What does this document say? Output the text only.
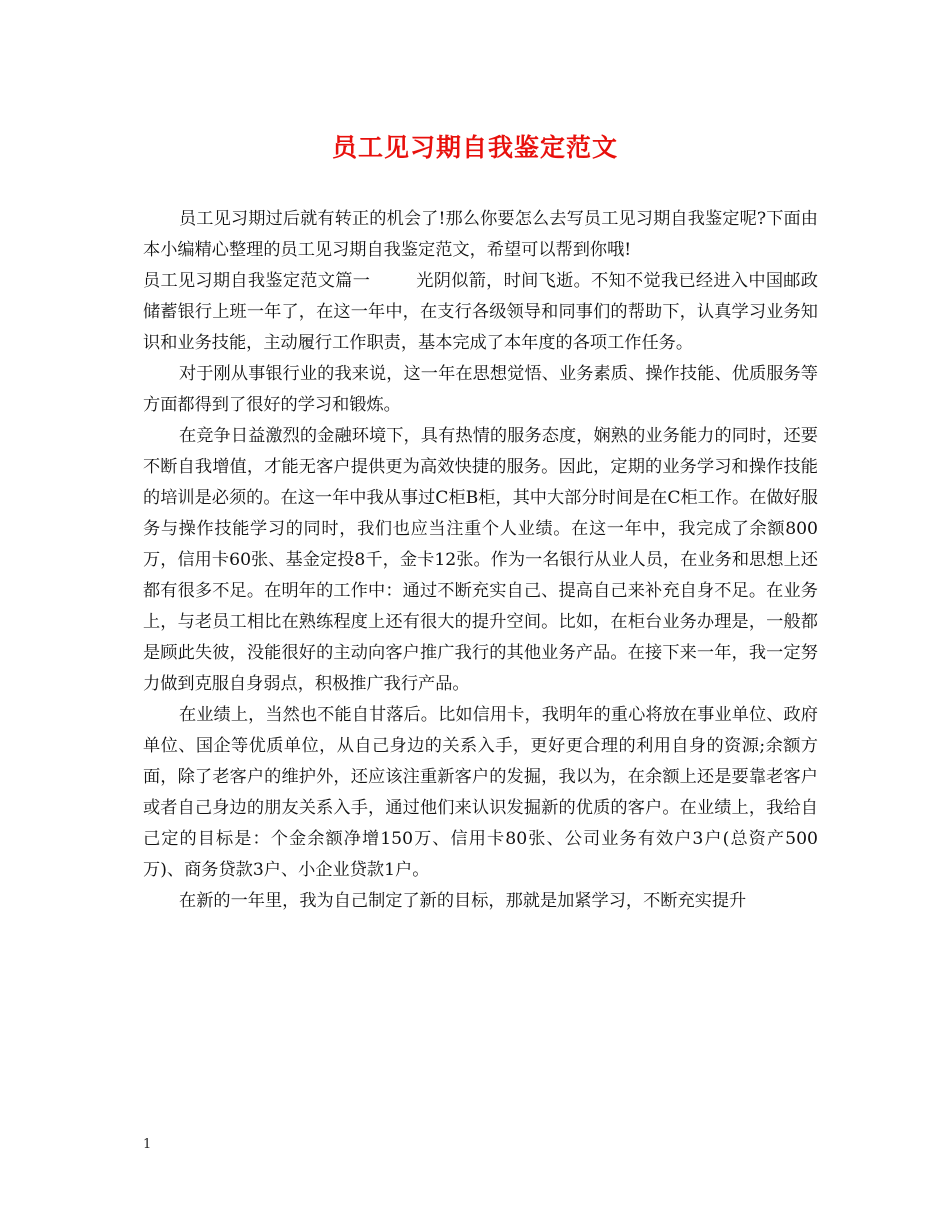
员工见习期自我鉴定范文

员工见习期过后就有转正的机会了!那么你要怎么去写员工见习期自我鉴定呢?下面由本小编精心整理的员工见习期自我鉴定范文，希望可以帮到你哦!

员工见习期自我鉴定范文篇一	光阴似箭，时间飞逝。不知不觉我已经进入中国邮政储蓄银行上班一年了，在这一年中，在支行各级领导和同事们的帮助下，认真学习业务知识和业务技能，主动履行工作职责，基本完成了本年度的各项工作任务。

对于刚从事银行业的我来说，这一年在思想觉悟、业务素质、操作技能、优质服务等方面都得到了很好的学习和锻炼。

在竞争日益激烈的金融环境下，具有热情的服务态度，娴熟的业务能力的同时，还要不断自我增值，才能无客户提供更为高效快捷的服务。因此，定期的业务学习和操作技能的培训是必须的。在这一年中我从事过C柜B柜，其中大部分时间是在C柜工作。在做好服务与操作技能学习的同时，我们也应当注重个人业绩。在这一年中，我完成了余额800万，信用卡60张、基金定投8千，金卡12张。作为一名银行从业人员，在业务和思想上还都有很多不足。在明年的工作中：通过不断充实自己、提高自己来补充自身不足。在业务上，与老员工相比在熟练程度上还有很大的提升空间。比如，在柜台业务办理是，一般都是顾此失彼，没能很好的主动向客户推广我行的其他业务产品。在接下来一年，我一定努力做到克服自身弱点，积极推广我行产品。

在业绩上，当然也不能自甘落后。比如信用卡，我明年的重心将放在事业单位、政府单位、国企等优质单位，从自己身边的关系入手，更好更合理的利用自身的资源;余额方面，除了老客户的维护外，还应该注重新客户的发掘，我以为，在余额上还是要靠老客户或者自己身边的朋友关系入手，通过他们来认识发掘新的优质的客户。在业绩上，我给自己定的目标是：个金余额净增150万、信用卡80张、公司业务有效户3户(总资产500万)、商务贷款3户、小企业贷款1户。

在新的一年里，我为自己制定了新的目标，那就是加紧学习，不断充实提升

1
